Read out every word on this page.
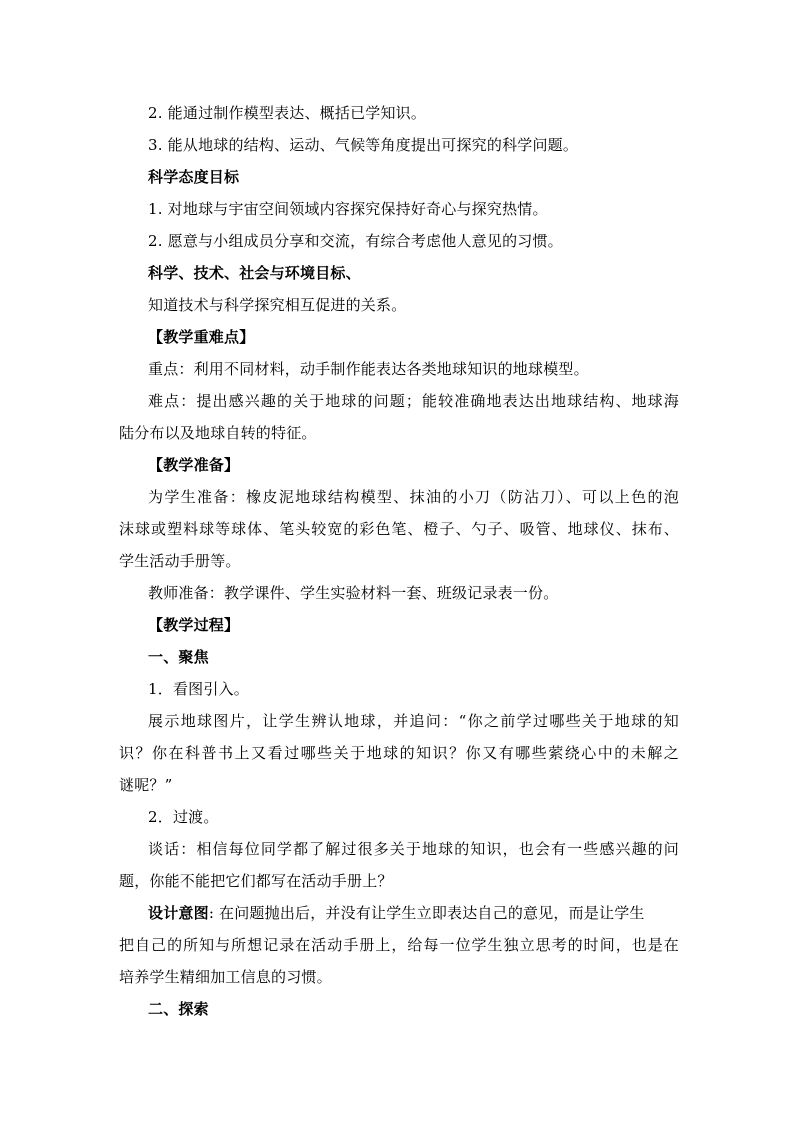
2. 能通过制作模型表达、概括已学知识。
3. 能从地球的结构、运动、气候等角度提出可探究的科学问题。
科学态度目标
1. 对地球与宇宙空间领域内容探究保持好奇心与探究热情。
2. 愿意与小组成员分享和交流，有综合考虑他人意见的习惯。
科学、技术、社会与环境目标、
知道技术与科学探究相互促进的关系。
【教学重难点】
重点：利用不同材料，动手制作能表达各类地球知识的地球模型。
难点：提出感兴趣的关于地球的问题；能较准确地表达出地球结构、地球海
陆分布以及地球自转的特征。
【教学准备】
为学生准备：橡皮泥地球结构模型、抹油的小刀（防沾刀）、可以上色的泡
沫球或塑料球等球体、笔头较宽的彩色笔、橙子、勺子、吸管、地球仪、抹布、
学生活动手册等。
教师准备：教学课件、学生实验材料一套、班级记录表一份。
【教学过程】
一、聚焦
1．看图引入。
展示地球图片，让学生辨认地球，并追问：“你之前学过哪些关于地球的知
识？你在科普书上又看过哪些关于地球的知识？你又有哪些萦绕心中的未解之
谜呢？”
2．过渡。
谈话：相信每位同学都了解过很多关于地球的知识，也会有一些感兴趣的问
题，你能不能把它们都写在活动手册上？
设计意图: 在问题抛出后，并没有让学生立即表达自己的意见，而是让学生
把自己的所知与所想记录在活动手册上，给每一位学生独立思考的时间，也是在
培养学生精细加工信息的习惯。
二、探索
